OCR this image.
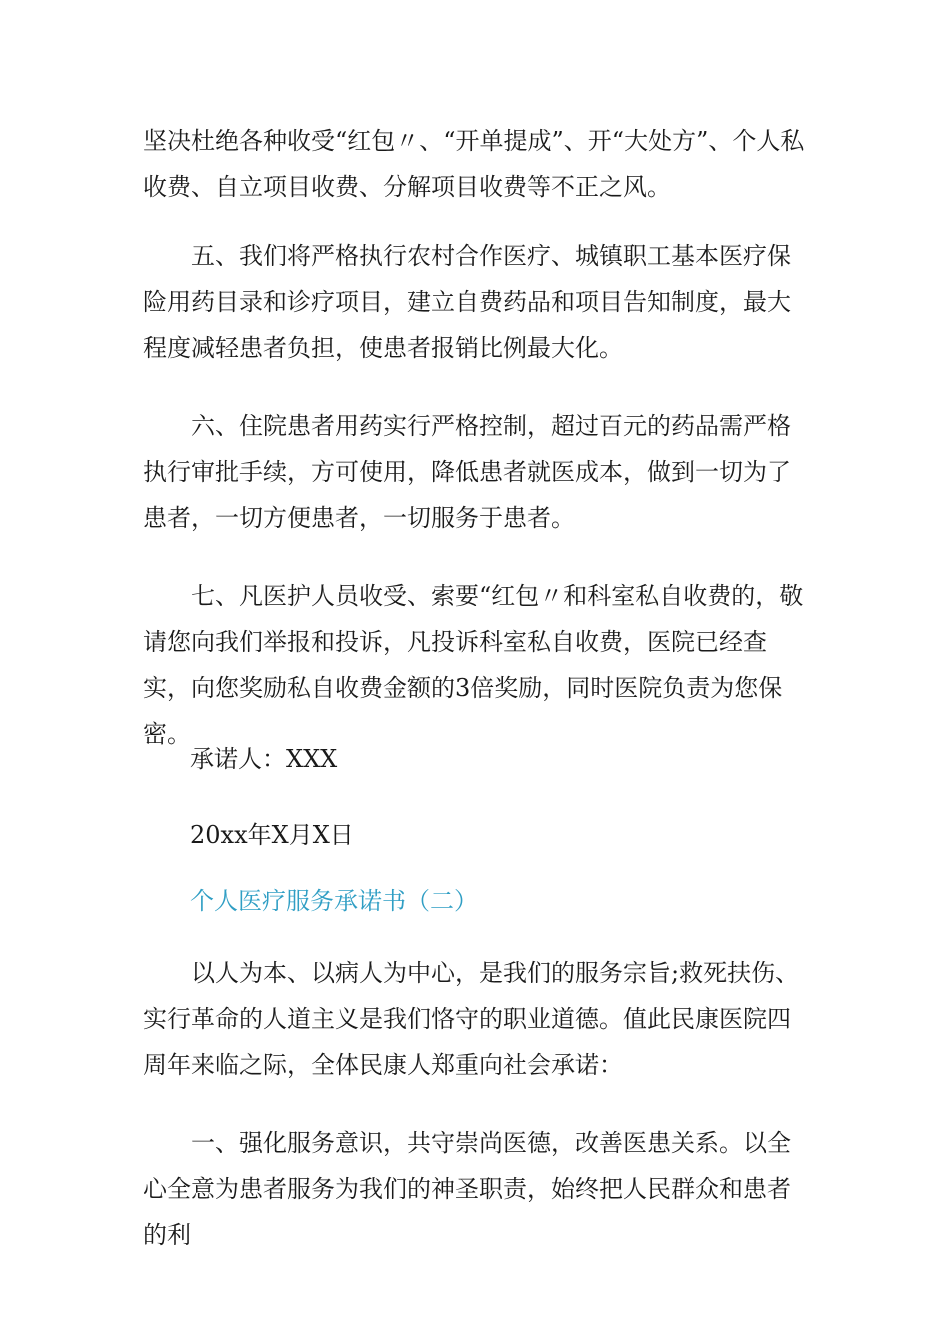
坚决杜绝各种收受“红包〃、“开单提成”、开“大处方”、个人私收费、自立项目收费、分解项目收费等不正之风。

五、我们将严格执行农村合作医疗、城镇职工基本医疗保险用药目录和诊疗项目，建立自费药品和项目告知制度，最大程度减轻患者负担，使患者报销比例最大化。

六、住院患者用药实行严格控制，超过百元的药品需严格执行审批手续，方可使用，降低患者就医成本，做到一切为了患者，一切方便患者，一切服务于患者。

七、凡医护人员收受、索要“红包〃和科室私自收费的，敬请您向我们举报和投诉，凡投诉科室私自收费，医院已经查实，向您奖励私自收费金额的3倍奖励，同时医院负责为您保密。

承诺人：XXX

20xx年X月X日

个人医疗服务承诺书（二）

以人为本、以病人为中心，是我们的服务宗旨;救死扶伤、实行革命的人道主义是我们恪守的职业道德。值此民康医院四周年来临之际，全体民康人郑重向社会承诺：

一、强化服务意识，共守崇尚医德，改善医患关系。以全心全意为患者服务为我们的神圣职责，始终把人民群众和患者的利
